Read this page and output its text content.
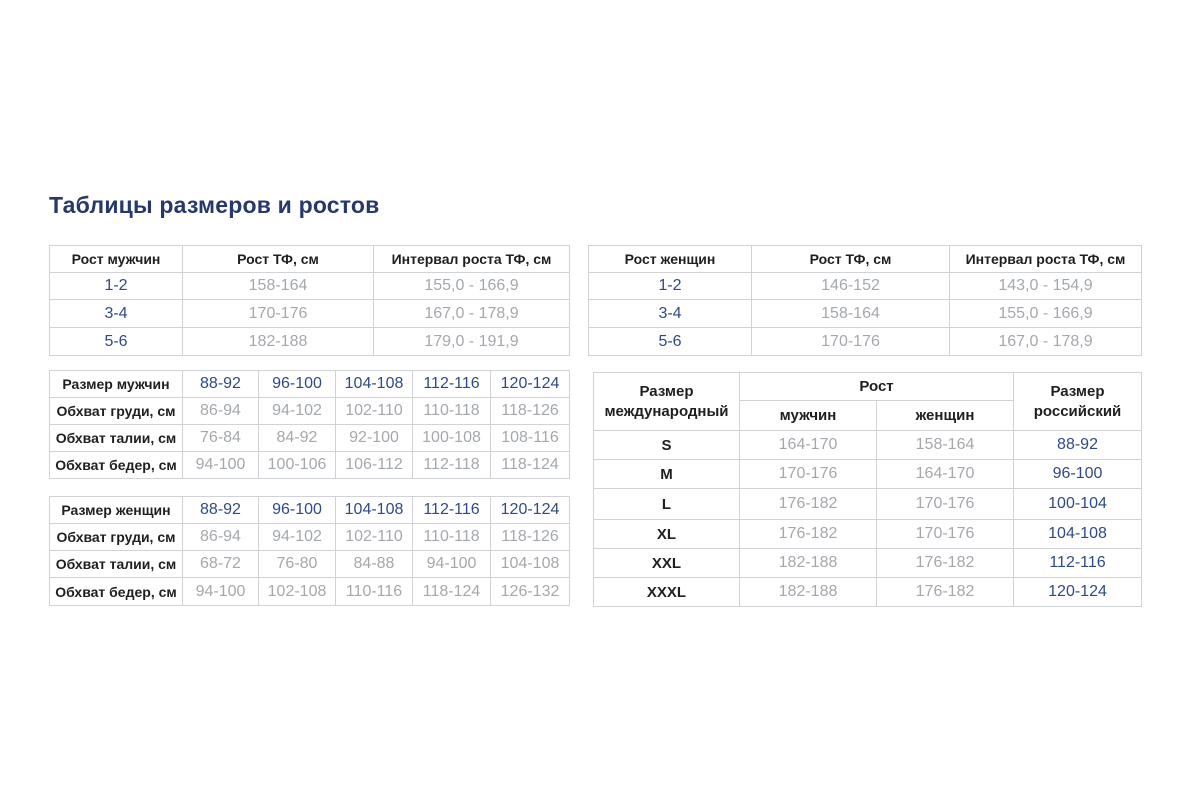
Таблицы размеров и ростов
Рост мужчин	Рост ТФ, см	Интервал роста ТФ, см
1-2	158-164	155,0 - 166,9
3-4	170-176	167,0 - 178,9
5-6	182-188	179,0 - 191,9
Рост женщин	Рост ТФ, см	Интервал роста ТФ, см
1-2	146-152	143,0 - 154,9
3-4	158-164	155,0 - 166,9
5-6	170-176	167,0 - 178,9
Размер мужчин	88-92	96-100	104-108	112-116	120-124
Обхват груди, см	86-94	94-102	102-110	110-118	118-126
Обхват талии, см	76-84	84-92	92-100	100-108	108-116
Обхват бедер, см	94-100	100-106	106-112	112-118	118-124
Размер женщин	88-92	96-100	104-108	112-116	120-124
Обхват груди, см	86-94	94-102	102-110	110-118	118-126
Обхват талии, см	68-72	76-80	84-88	94-100	104-108
Обхват бедер, см	94-100	102-108	110-116	118-124	126-132
Размер международный	Рост		Размер российский
	мужчин	женщин	
S	164-170	158-164	88-92
M	170-176	164-170	96-100
L	176-182	170-176	100-104
XL	176-182	170-176	104-108
XXL	182-188	176-182	112-116
XXXL	182-188	176-182	120-124
